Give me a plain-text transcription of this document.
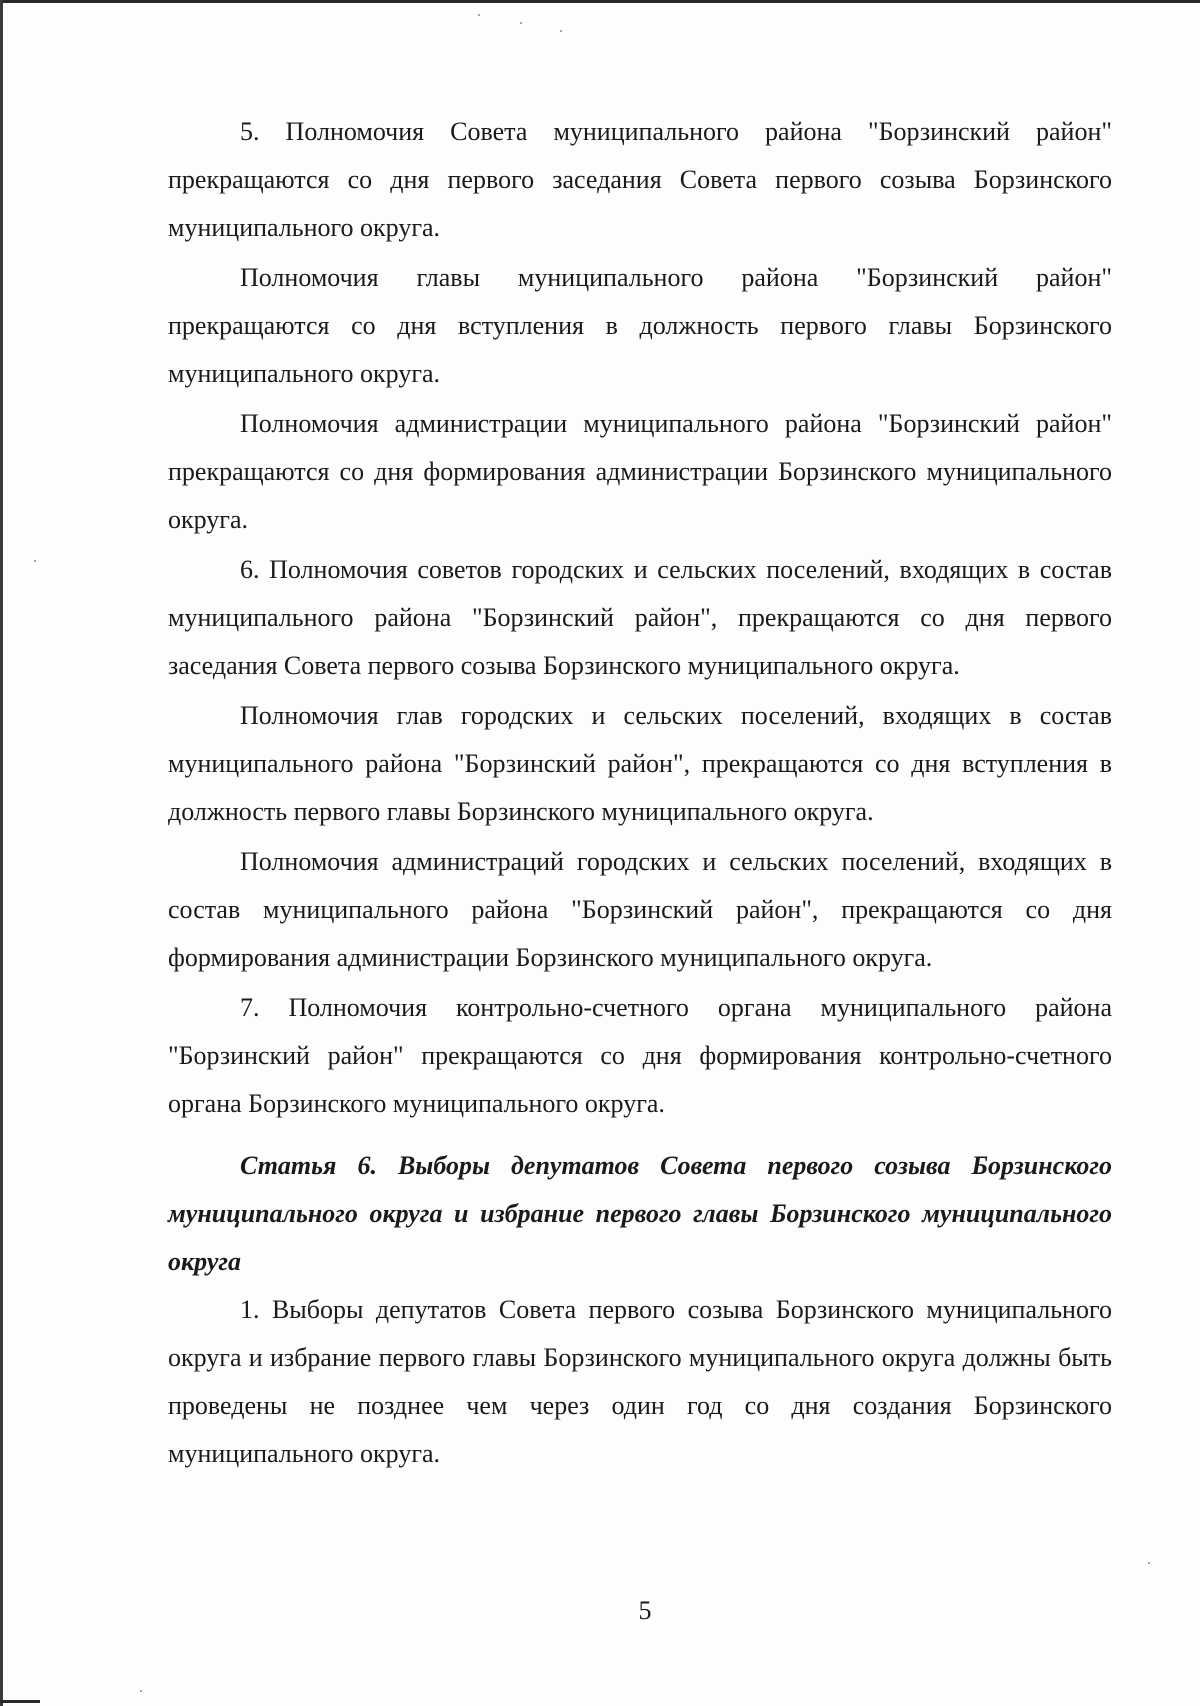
5. Полномочия Совета муниципального района "Борзинский район" прекращаются со дня первого заседания Совета первого созыва Борзинского муниципального округа.

Полномочия главы муниципального района "Борзинский район" прекращаются со дня вступления в должность первого главы Борзинского муниципального округа.

Полномочия администрации муниципального района "Борзинский район" прекращаются со дня формирования администрации Борзинского муниципального округа.

6. Полномочия советов городских и сельских поселений, входящих в состав муниципального района "Борзинский район", прекращаются со дня первого заседания Совета первого созыва Борзинского муниципального округа.

Полномочия глав городских и сельских поселений, входящих в состав муниципального района "Борзинский район", прекращаются со дня вступления в должность первого главы Борзинского муниципального округа.

Полномочия администраций городских и сельских поселений, входящих в состав муниципального района "Борзинский район", прекращаются со дня формирования администрации Борзинского муниципального округа.

7. Полномочия контрольно-счетного органа муниципального района "Борзинский район" прекращаются со дня формирования контрольно-счетного органа Борзинского муниципального округа.

Статья 6. Выборы депутатов Совета первого созыва Борзинского муниципального округа и избрание первого главы Борзинского муниципального округа

1. Выборы депутатов Совета первого созыва Борзинского муниципального округа и избрание первого главы Борзинского муниципального округа должны быть проведены не позднее чем через один год со дня создания Борзинского муниципального округа.

5
